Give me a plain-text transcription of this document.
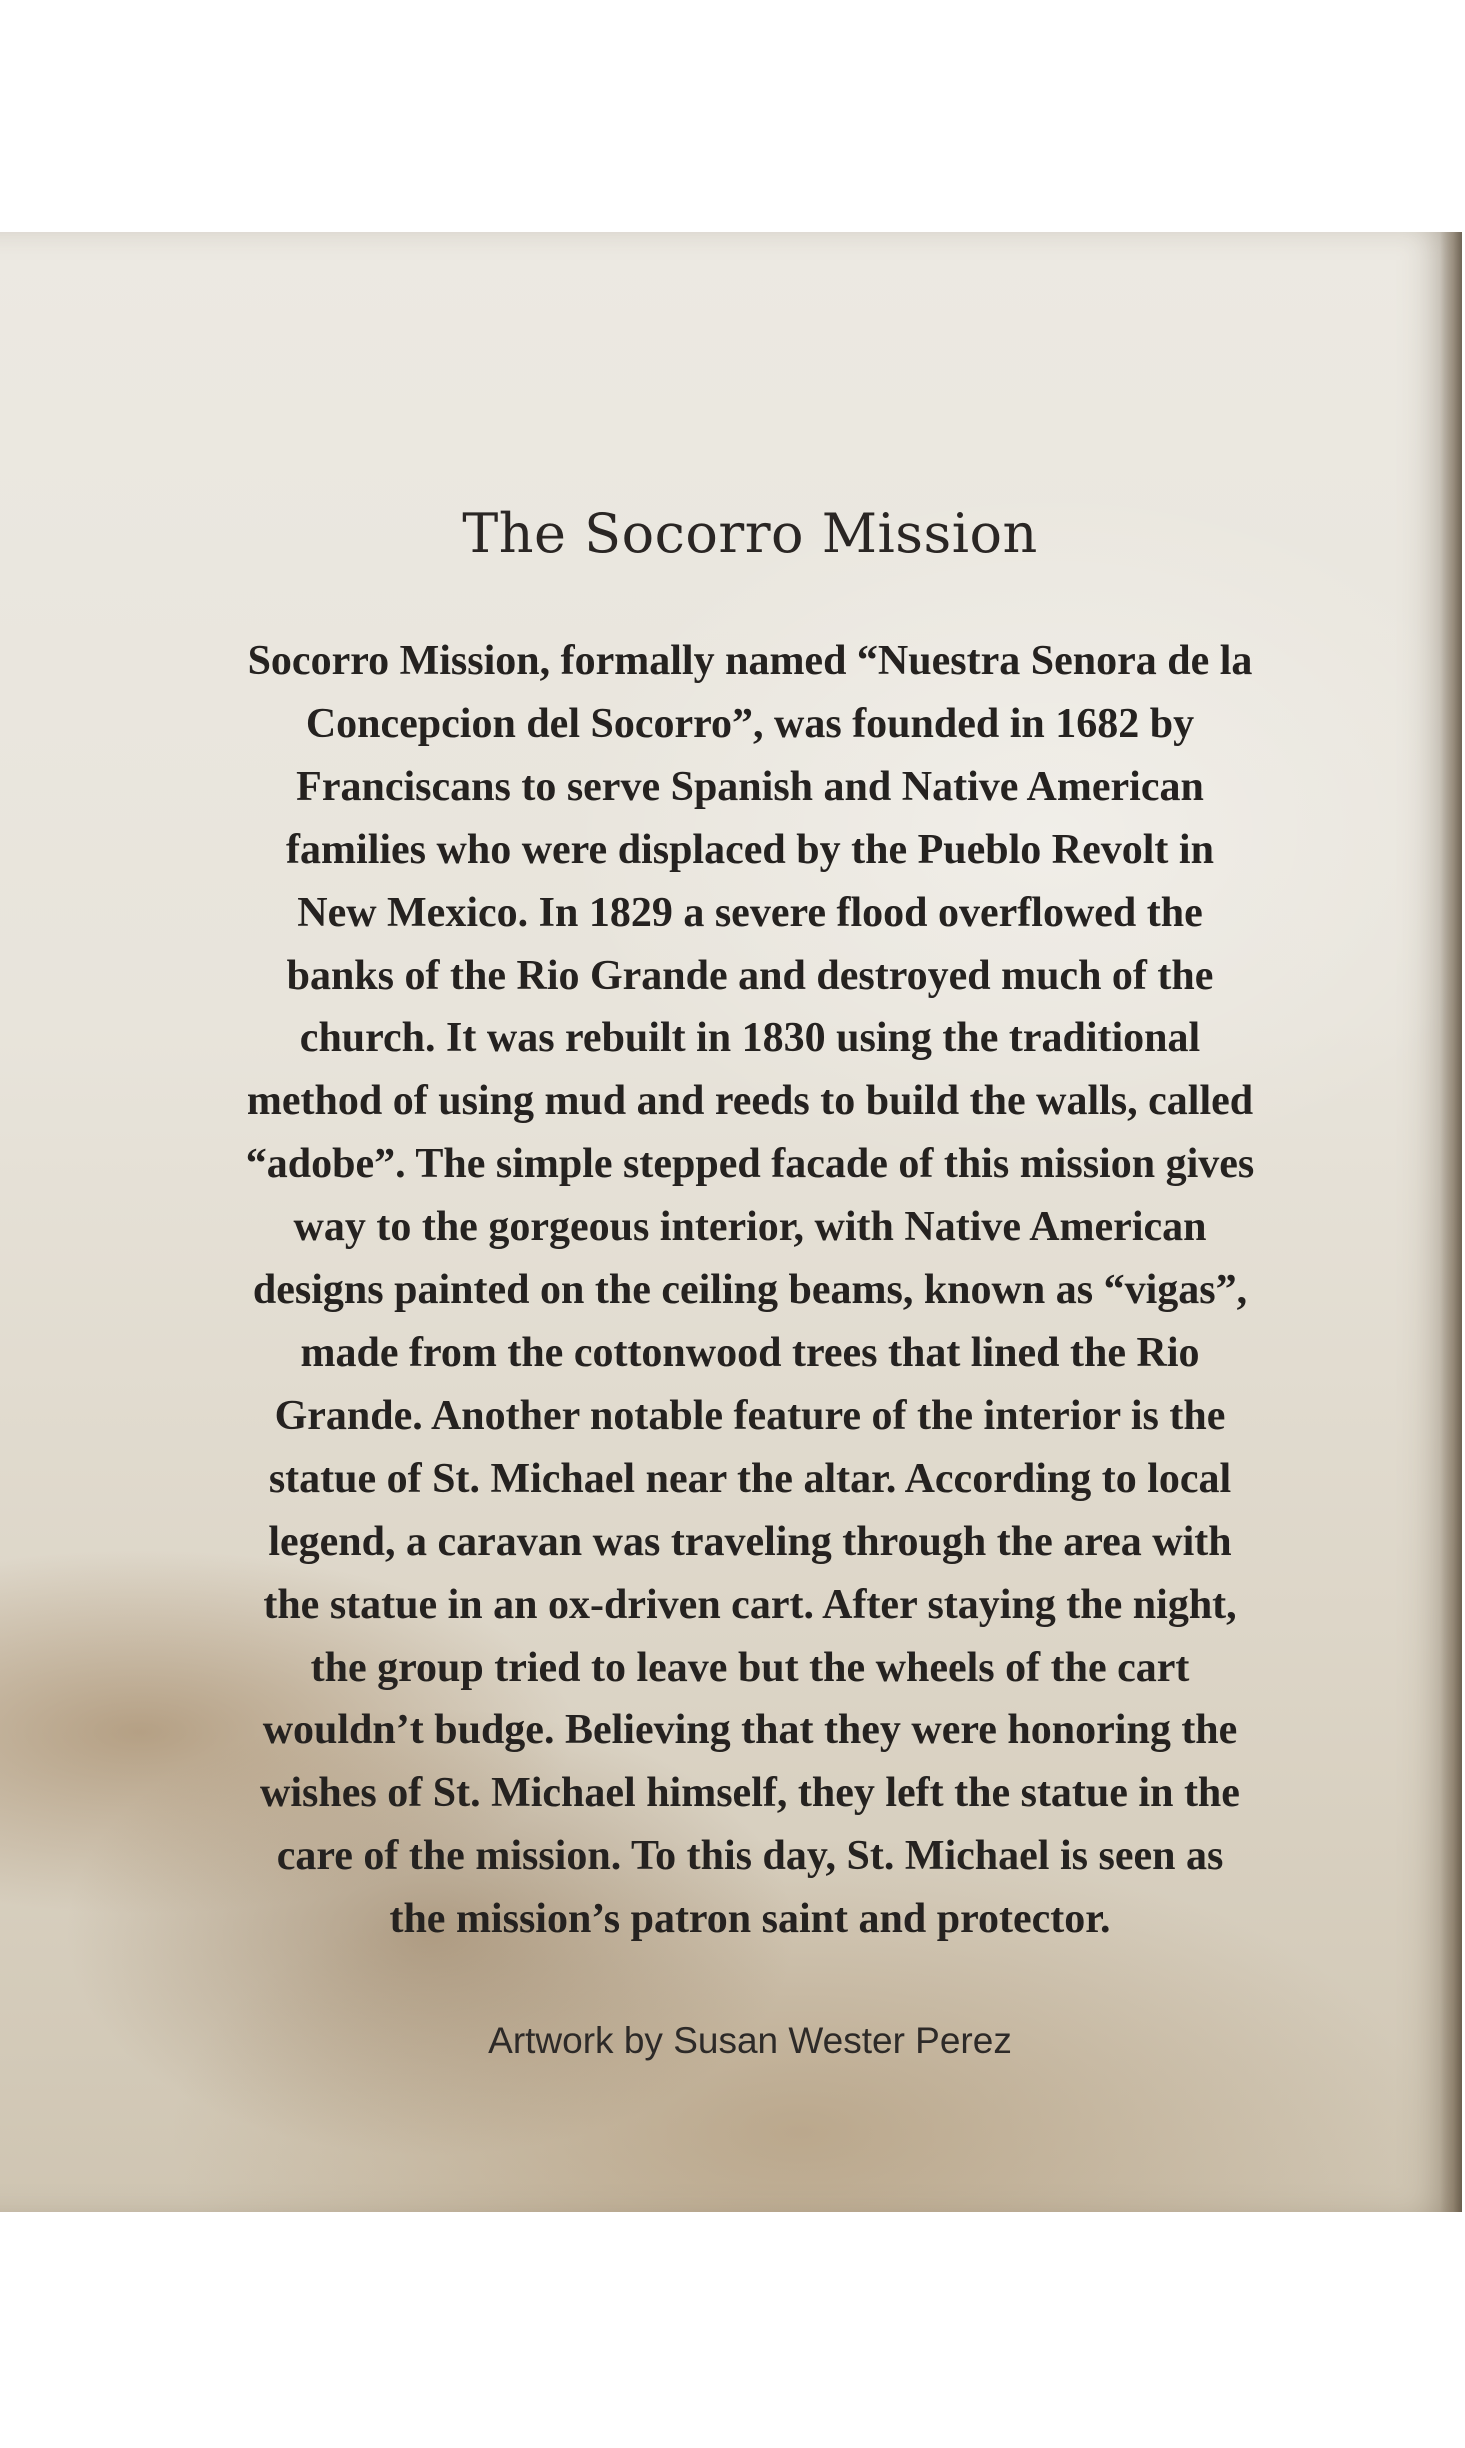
The Socorro Mission

Socorro Mission, formally named “Nuestra Senora de la
Concepcion del Socorro”, was founded in 1682 by
Franciscans to serve Spanish and Native American
families who were displaced by the Pueblo Revolt in
New Mexico. In 1829 a severe flood overflowed the
banks of the Rio Grande and destroyed much of the
church. It was rebuilt in 1830 using the traditional
method of using mud and reeds to build the walls, called
“adobe”. The simple stepped facade of this mission gives
way to the gorgeous interior, with Native American
designs painted on the ceiling beams, known as “vigas”,
made from the cottonwood trees that lined the Rio
Grande. Another notable feature of the interior is the
statue of St. Michael near the altar. According to local
legend, a caravan was traveling through the area with
the statue in an ox-driven cart. After staying the night,
the group tried to leave but the wheels of the cart
wouldn’t budge. Believing that they were honoring the
wishes of St. Michael himself, they left the statue in the
care of the mission. To this day, St. Michael is seen as
the mission’s patron saint and protector.

Artwork by Susan Wester Perez
